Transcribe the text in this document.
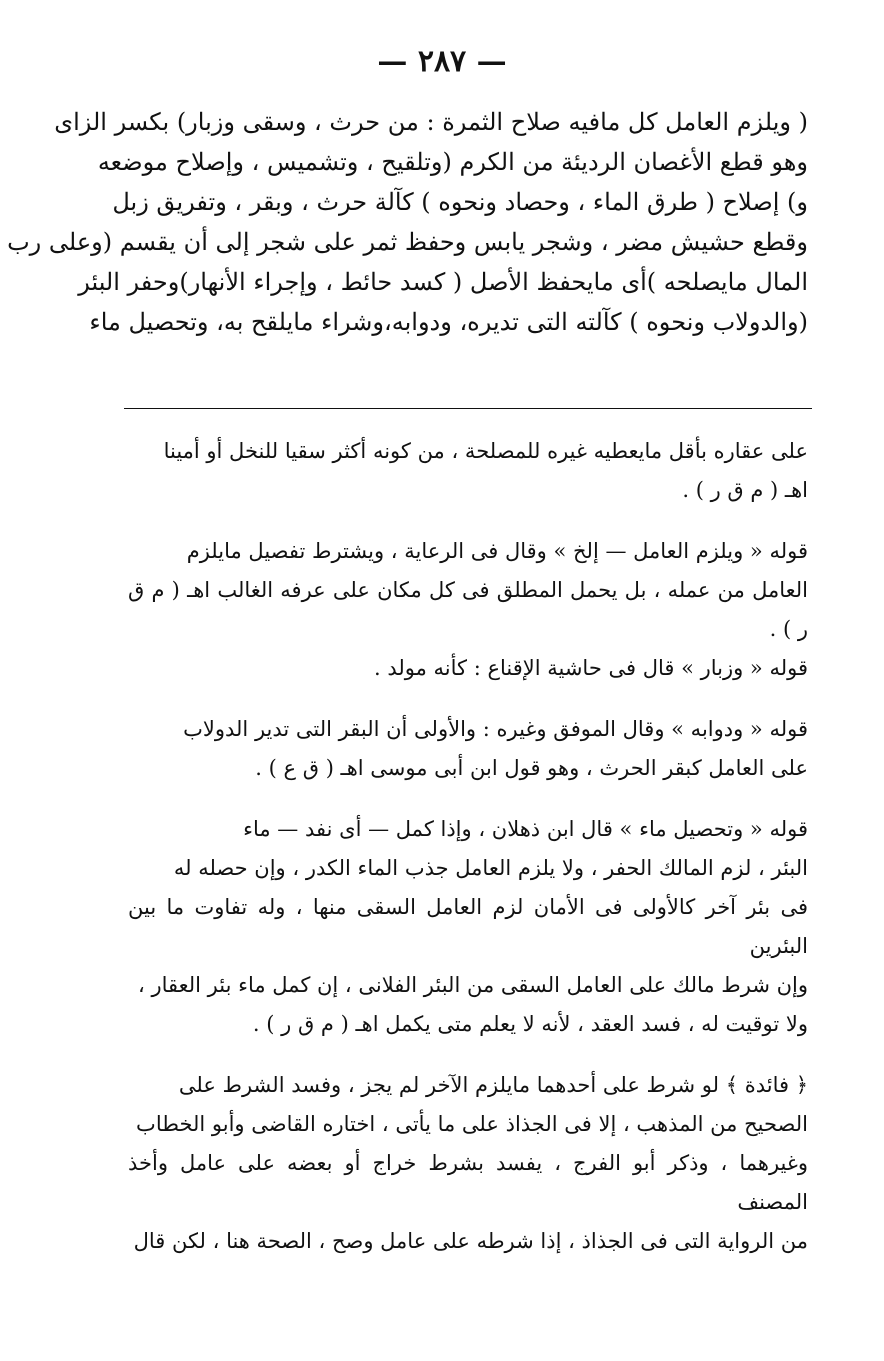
— ٢٨٧ —
( ويلزم العامل كل مافيه صلاح الثمرة : من حرث ، وسقى وزبار) بكسر الزاى
وهو قطع الأغصان الرديئة من الكرم (وتلقيح ، وتشميس ، وإصلاح موضعه
و) إصلاح ( طرق الماء ، وحصاد ونحوه ) كآلة حرث ، وبقر ، وتفريق زبل
وقطع حشيش مضر ، وشجر يابس وحفظ ثمر على شجر إلى أن يقسم (وعلى رب
المال مايصلحه )أى مايحفظ الأصل ( كسد حائط ، وإجراء الأنهار)وحفر البئر
(والدولاب ونحوه ) كآلته التى تديره، ودوابه،وشراء مايلقح به، وتحصيل ماء
على عقاره بأقل مايعطيه غيره للمصلحة ، من كونه أكثر سقيا للنخل أو أمينا
اهـ ( م ق ر ) .
قوله « ويلزم العامل — إلخ » وقال فى الرعاية ، ويشترط تفصيل مايلزم
العامل من عمله ، بل يحمل المطلق فى كل مكان على عرفه الغالب اهـ ( م ق ر ) .
قوله « وزبار » قال فى حاشية الإقناع : كأنه مولد .
قوله « ودوابه » وقال الموفق وغيره : والأولى أن البقر التى تدير الدولاب
على العامل كبقر الحرث ، وهو قول ابن أبى موسى اهـ ( ق ع ) .
قوله « وتحصيل ماء » قال ابن ذهلان ، وإذا كمل — أى نفد — ماء
البئر ، لزم المالك الحفر ، ولا يلزم العامل جذب الماء الكدر ، وإن حصله له
فى بئر آخر كالأولى فى الأمان لزم العامل السقى منها ، وله تفاوت ما بين البئرين
وإن شرط مالك على العامل السقى من البئر الفلانى ، إن كمل ماء بئر العقار ،
ولا توقيت له ، فسد العقد ، لأنه لا يعلم متى يكمل اهـ ( م ق ر ) .
﴿ فائدة ﴾ لو شرط على أحدهما مايلزم الآخر لم يجز ، وفسد الشرط على
الصحيح من المذهب ، إلا فى الجذاذ على ما يأتى ، اختاره القاضى وأبو الخطاب
وغيرهما ، وذكر أبو الفرج ، يفسد بشرط خراج أو بعضه على عامل وأخذ المصنف
من الرواية التى فى الجذاذ ، إذا شرطه على عامل وصح ، الصحة هنا ، لكن قال
